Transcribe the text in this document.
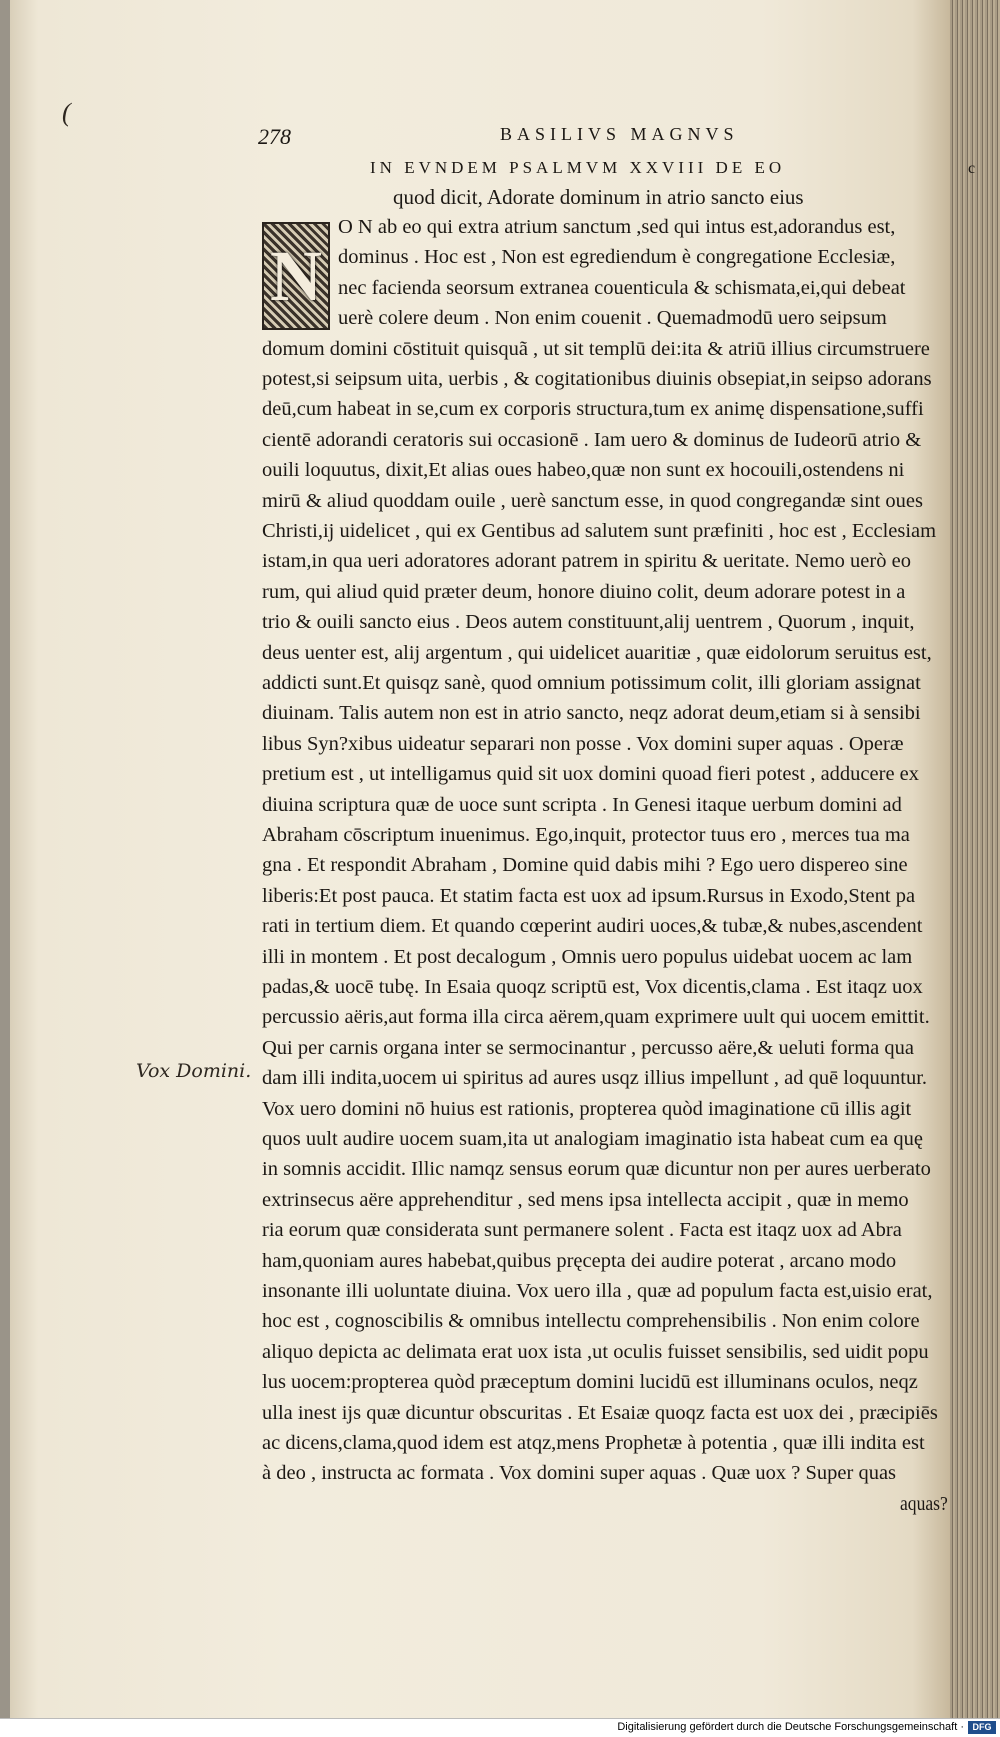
(
278	BASILIVS MAGNVS
IN EVNDEM PSALMVM XXVIII DE EO	c
quod dicit, Adorate dominum in atrio sancto eius
N
Vox Domini.
O N ab eo qui extra atrium sanctum ,sed qui intus est,adorandus est,
dominus . Hoc est , Non est egrediendum è congregatione Ecclesiæ,
nec facienda seorsum extranea couenticula & schismata,ei,qui debeat
uerè colere deum . Non enim couenit . Quemadmodū uero seipsum
domum domini cōstituit quisquã , ut sit templū dei:ita & atriū illius circumstruere
potest,si seipsum uita, uerbis , & cogitationibus diuinis obsepiat,in seipso adorans
deū,cum habeat in se,cum ex corporis structura,tum ex animę dispensatione,suffi
cientē adorandi ceratoris sui occasionē . Iam uero & dominus de Iudeorū atrio &
ouili loquutus, dixit,Et alias oues habeo,quæ non sunt ex hocouili,ostendens ni
mirū & aliud quoddam ouile , uerè sanctum esse, in quod congregandæ sint oues
Christi,ij uidelicet , qui ex Gentibus ad salutem sunt præfiniti , hoc est , Ecclesiam
istam,in qua ueri adoratores adorant patrem in spiritu & ueritate. Nemo uerò eo
rum, qui aliud quid præter deum, honore diuino colit, deum adorare potest in a
trio & ouili sancto eius . Deos autem constituunt,alij uentrem , Quorum , inquit,
deus uenter est, alij argentum , qui uidelicet auaritiæ , quæ eidolorum seruitus est,
addicti sunt.Et quisqz sanè, quod omnium potissimum colit, illi gloriam assignat
diuinam. Talis autem non est in atrio sancto, neqz adorat deum,etiam si à sensibi
libus Syn?xibus uideatur separari non posse . Vox domini super aquas . Operæ
pretium est , ut intelligamus quid sit uox domini quoad fieri potest , adducere ex
diuina scriptura quæ de uoce sunt scripta . In Genesi itaque uerbum domini ad
Abraham cōscriptum inuenimus. Ego,inquit, protector tuus ero , merces tua ma
gna . Et respondit Abraham , Domine quid dabis mihi ? Ego uero dispereo sine
liberis:Et post pauca. Et statim facta est uox ad ipsum.Rursus in Exodo,Stent pa
rati in tertium diem. Et quando cœperint audiri uoces,& tubæ,& nubes,ascendent
illi in montem . Et post decalogum , Omnis uero populus uidebat uocem ac lam
padas,& uocē tubę. In Esaia quoqz scriptū est, Vox dicentis,clama . Est itaqz uox
percussio aëris,aut forma illa circa aërem,quam exprimere uult qui uocem emittit.
Qui per carnis organa inter se sermocinantur , percusso aëre,& ueluti forma qua
dam illi indita,uocem ui spiritus ad aures usqz illius impellunt , ad quē loquuntur.
Vox uero domini nō huius est rationis, propterea quòd imaginatione cū illis agit
quos uult audire uocem suam,ita ut analogiam imaginatio ista habeat cum ea quę
in somnis accidit. Illic namqz sensus eorum quæ dicuntur non per aures uerberato
extrinsecus aëre apprehenditur , sed mens ipsa intellecta accipit , quæ in memo
ria eorum quæ considerata sunt permanere solent . Facta est itaqz uox ad Abra
ham,quoniam aures habebat,quibus pręcepta dei audire poterat , arcano modo
insonante illi uoluntate diuina. Vox uero illa , quæ ad populum facta est,uisio erat,
hoc est , cognoscibilis & omnibus intellectu comprehensibilis . Non enim colore
aliquo depicta ac delimata erat uox ista ,ut oculis fuisset sensibilis, sed uidit popu
lus uocem:propterea quòd præceptum domini lucidū est illuminans oculos, neqz
ulla inest ijs quæ dicuntur obscuritas . Et Esaiæ quoqz facta est uox dei , præcipiēs
ac dicens,clama,quod idem est atqz,mens Prophetæ à potentia , quæ illi indita est
à deo , instructa ac formata . Vox domini super aquas . Quæ uox ? Super quas
aquas?
Digitalisierung gefördert durch die Deutsche Forschungsgemeinschaft · DFG
